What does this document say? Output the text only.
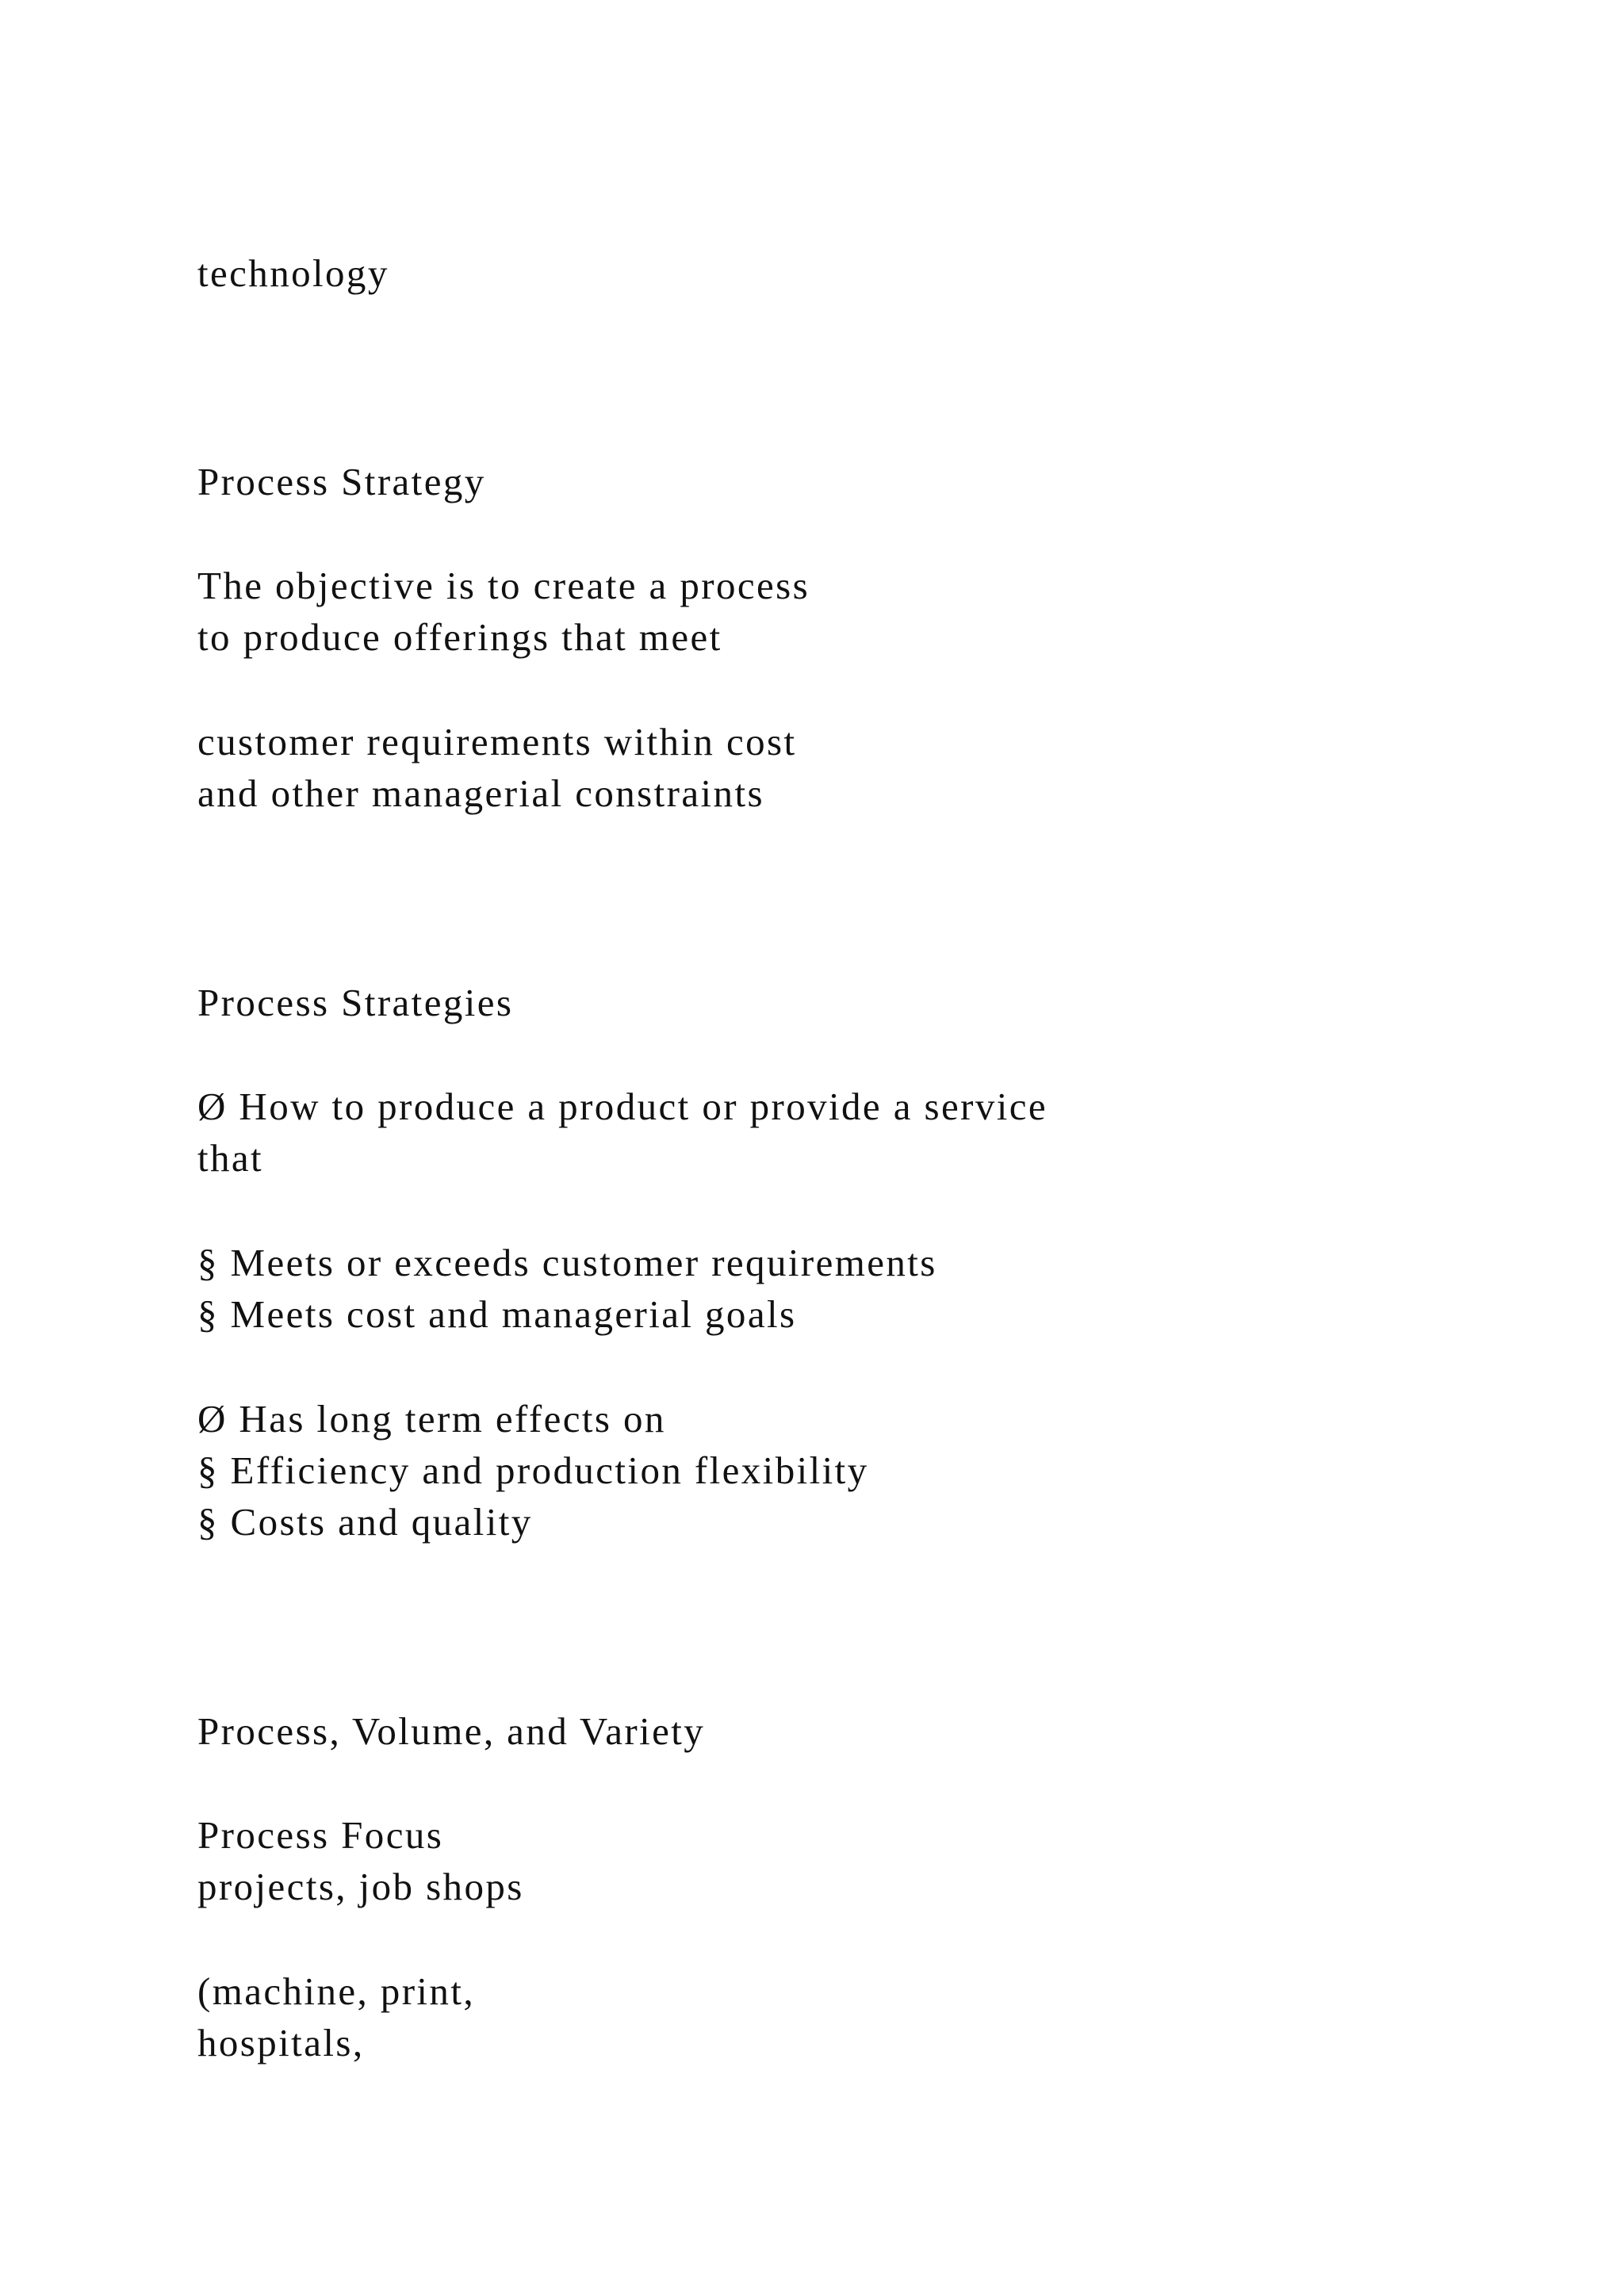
technology

Process Strategy

The objective is to create a process

to produce offerings that meet

customer requirements within cost

and other managerial constraints

Process Strategies

Ø How to produce a product or provide a service

that

§ Meets or exceeds customer requirements

§ Meets cost and managerial goals

Ø Has long term effects on

§ Efficiency and production flexibility

§ Costs and quality

Process, Volume, and Variety

Process Focus

projects, job shops

(machine, print,

hospitals,
